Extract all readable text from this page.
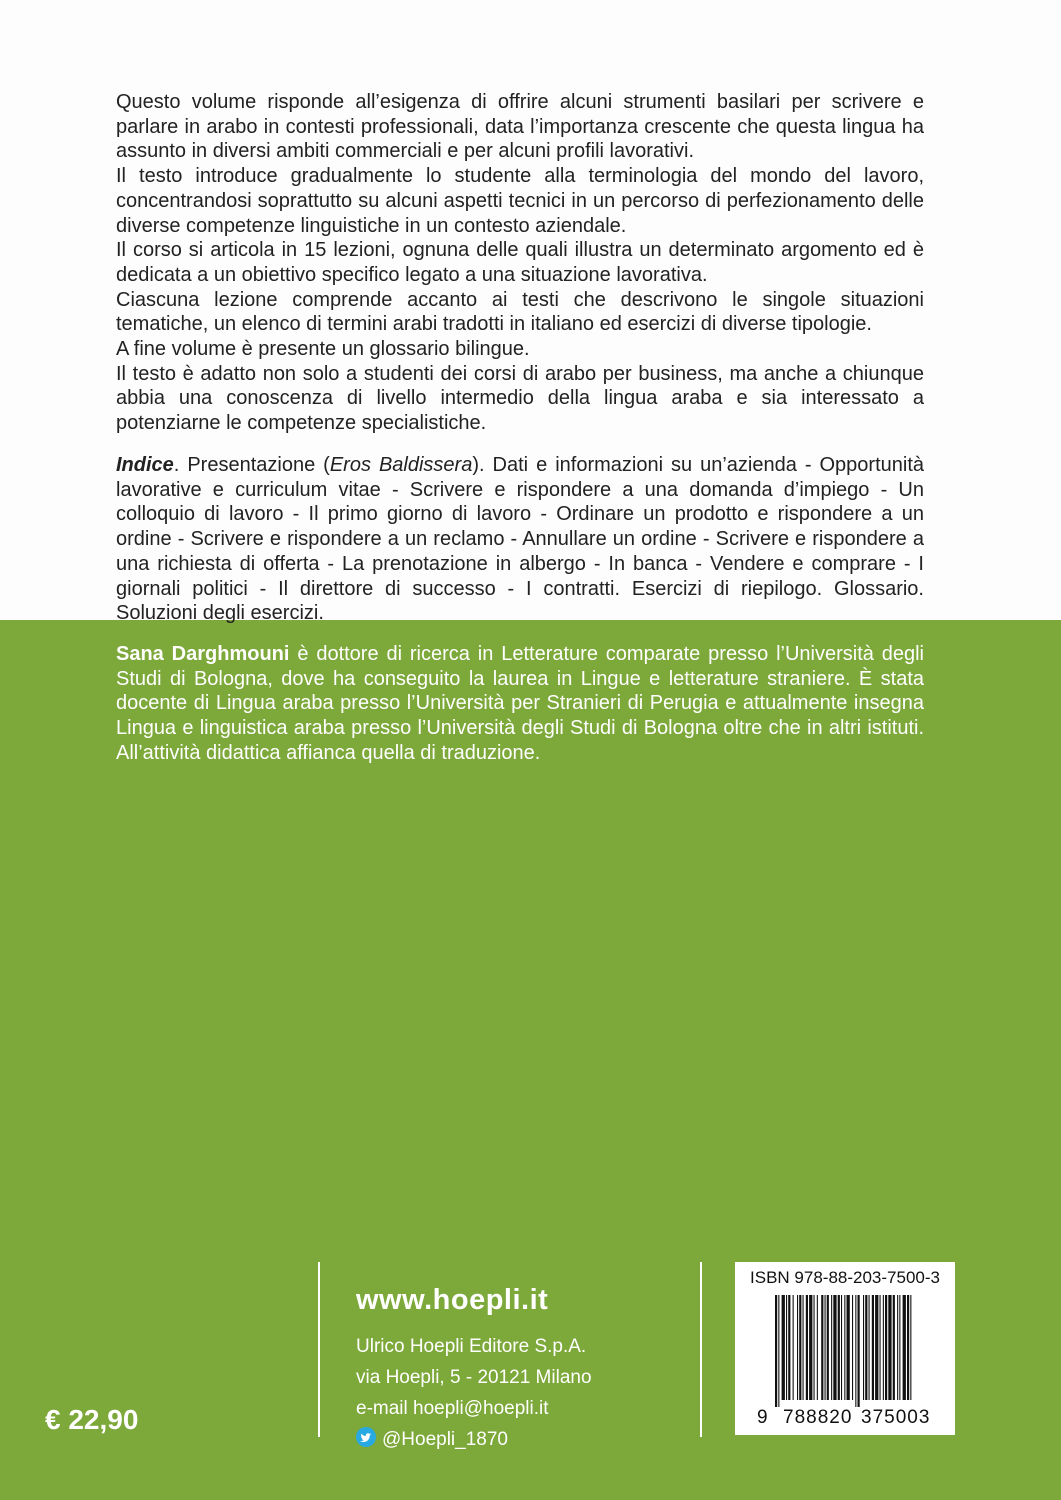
Questo volume risponde all’esigenza di offrire alcuni strumenti basilari per scrivere e parlare in arabo in contesti professionali, data l’importanza crescente che questa lingua ha assunto in diversi ambiti commerciali e per alcuni profili lavorativi.

Il testo introduce gradualmente lo studente alla terminologia del mondo del lavoro, concentrandosi soprattutto su alcuni aspetti tecnici in un percorso di perfezionamento delle diverse competenze linguistiche in un contesto aziendale.

Il corso si articola in 15 lezioni, ognuna delle quali illustra un determinato argomento ed è dedicata a un obiettivo specifico legato a una situazione lavorativa.

Ciascuna lezione comprende accanto ai testi che descrivono le singole situazioni tematiche, un elenco di termini arabi tradotti in italiano ed esercizi di diverse tipologie.

A fine volume è presente un glossario bilingue.

Il testo è adatto non solo a studenti dei corsi di arabo per business, ma anche a chiunque abbia una conoscenza di livello intermedio della lingua araba e sia interessato a potenziarne le competenze specialistiche.

Indice. Presentazione (Eros Baldissera). Dati e informazioni su un’azienda - Opportunità lavorative e curriculum vitae - Scrivere e rispondere a una domanda d’impiego - Un colloquio di lavoro - Il primo giorno di lavoro - Ordinare un prodotto e rispondere a un ordine - Scrivere e rispondere a un reclamo - Annullare un ordine - Scrivere e rispondere a una richiesta di offerta - La prenotazione in albergo - In banca - Vendere e comprare - I giornali politici - Il direttore di successo - I contratti. Esercizi di riepilogo. Glossario. Soluzioni degli esercizi.

Sana Darghmouni è dottore di ricerca in Letterature comparate presso l’Università degli Studi di Bologna, dove ha conseguito la laurea in Lingue e letterature straniere. È stata docente di Lingua araba presso l’Università per Stranieri di Perugia e attualmente insegna Lingua e linguistica araba presso l’Università degli Studi di Bologna oltre che in altri istituti. All’attività didattica affianca quella di traduzione.

www.hoepli.it
Ulrico Hoepli Editore S.p.A.
via Hoepli, 5 - 20121 Milano
e-mail hoepli@hoepli.it
@Hoepli_1870
€ 22,90
ISBN 978-88-203-7500-3
9 788820 375003
